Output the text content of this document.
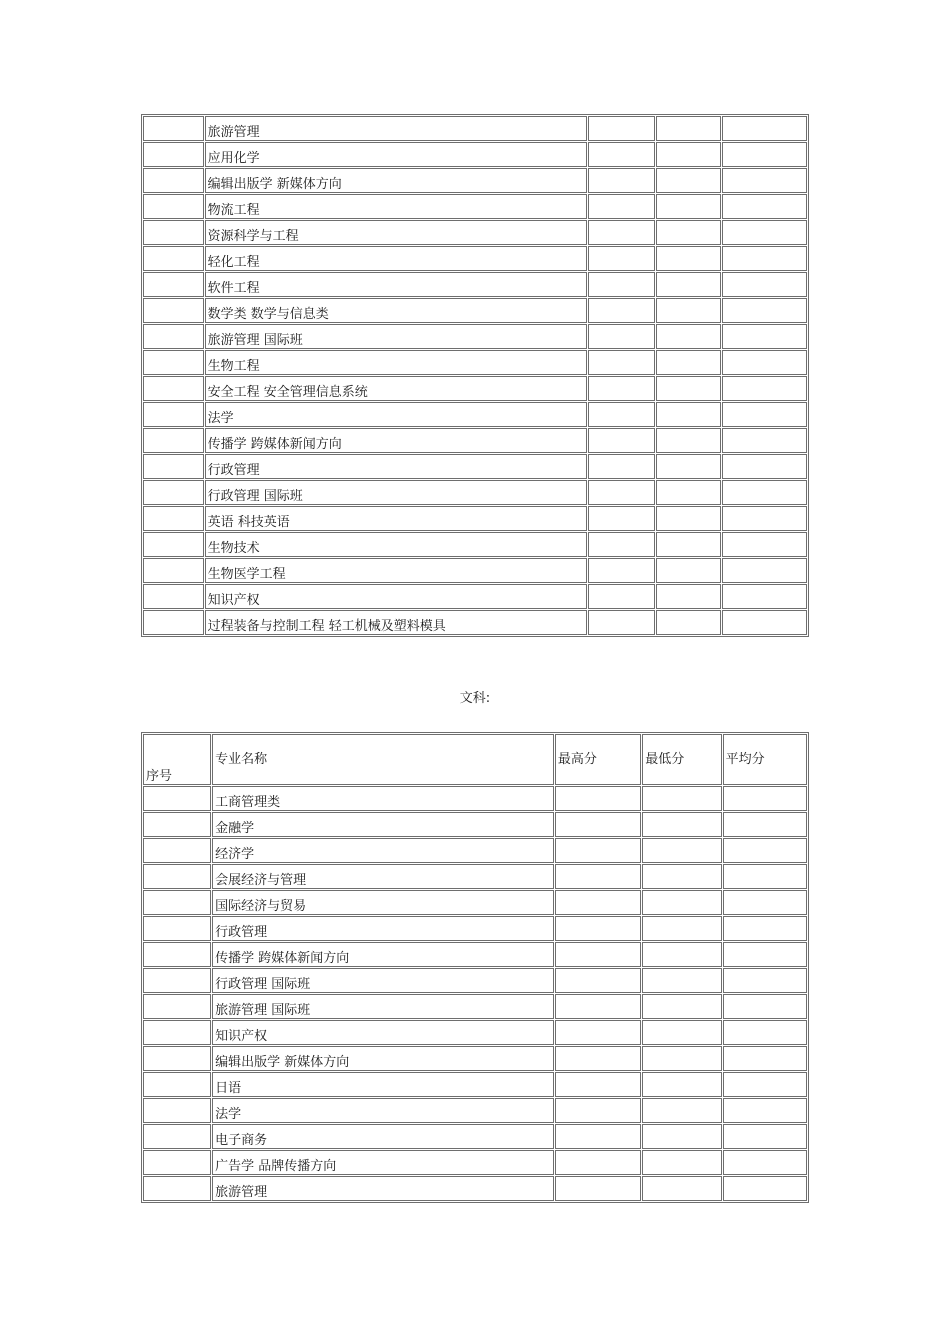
	旅游管理			
	应用化学			
	编辑出版学 新媒体方向			
	物流工程			
	资源科学与工程			
	轻化工程			
	软件工程			
	数学类 数学与信息类			
	旅游管理 国际班			
	生物工程			
	安全工程 安全管理信息系统			
	法学			
	传播学 跨媒体新闻方向			
	行政管理			
	行政管理 国际班			
	英语 科技英语			
	生物技术			
	生物医学工程			
	知识产权			
	过程装备与控制工程 轻工机械及塑料模具			
文科:
序号	专业名称	最高分	最低分	平均分
	工商管理类			
	金融学			
	经济学			
	会展经济与管理			
	国际经济与贸易			
	行政管理			
	传播学 跨媒体新闻方向			
	行政管理 国际班			
	旅游管理 国际班			
	知识产权			
	编辑出版学 新媒体方向			
	日语			
	法学			
	电子商务			
	广告学 品牌传播方向			
	旅游管理			
